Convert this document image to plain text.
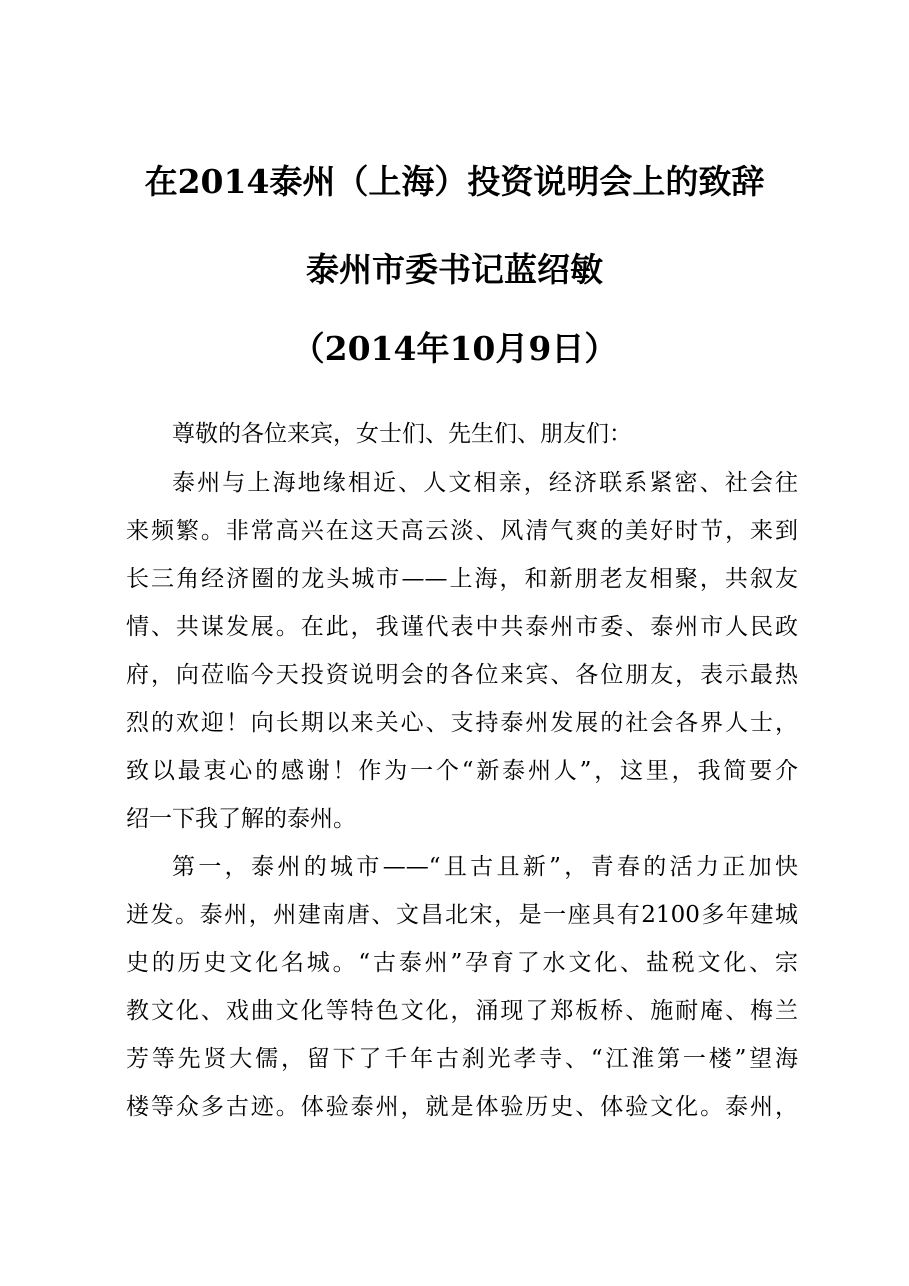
在2014泰州（上海）投资说明会上的致辞
泰州市委书记蓝绍敏
（2014年10月9日）
尊敬的各位来宾，女士们、先生们、朋友们：
泰州与上海地缘相近、人文相亲，经济联系紧密、社会往
来频繁。非常高兴在这天高云淡、风清气爽的美好时节，来到
长三角经济圈的龙头城市——上海，和新朋老友相聚，共叙友
情、共谋发展。在此，我谨代表中共泰州市委、泰州市人民政
府，向莅临今天投资说明会的各位来宾、各位朋友，表示最热
烈的欢迎！向长期以来关心、支持泰州发展的社会各界人士，
致以最衷心的感谢！作为一个“新泰州人”，这里，我简要介
绍一下我了解的泰州。
第一，泰州的城市——“且古且新”，青春的活力正加快
迸发。泰州，州建南唐、文昌北宋，是一座具有2100多年建城
史的历史文化名城。“古泰州”孕育了水文化、盐税文化、宗
教文化、戏曲文化等特色文化，涌现了郑板桥、施耐庵、梅兰
芳等先贤大儒，留下了千年古刹光孝寺、“江淮第一楼”望海
楼等众多古迹。体验泰州，就是体验历史、体验文化。泰州，
